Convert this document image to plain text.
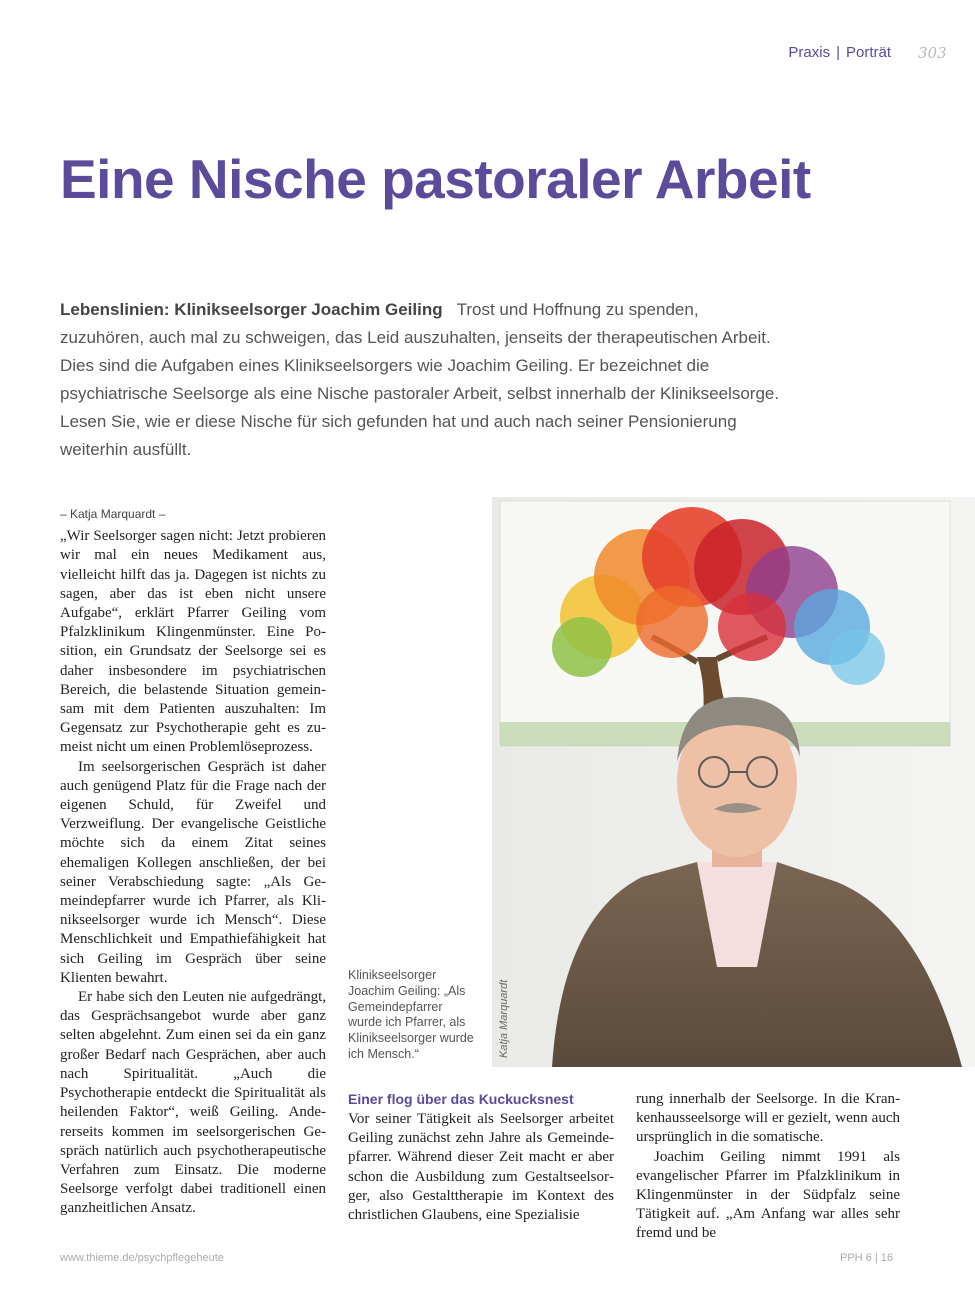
Praxis | Porträt 303
Eine Nische pastoraler Arbeit
Lebenslinien: Klinikseelsorger Joachim Geiling Trost und Hoffnung zu spenden, zuzuhören, auch mal zu schweigen, das Leid auszuhalten, jenseits der therapeutischen Arbeit. Dies sind die Aufgaben eines Klinikseelsorgers wie Joachim Geiling. Er bezeichnet die psychiatrische Seelsorge als eine Nische pastoraler Arbeit, selbst innerhalb der Klinikseelsorge. Lesen Sie, wie er diese Nische für sich gefunden hat und auch nach seiner Pensionierung weiterhin ausfüllt.
– Katja Marquardt –

„Wir Seelsorger sagen nicht: Jetzt probieren wir mal ein neues Medikament aus, vielleicht hilft das ja. Dagegen ist nichts zu sagen, aber das ist eben nicht unsere Aufgabe“, erklärt Pfarrer Geiling vom Pfalzklinikum Klingenmünster. Eine Position, ein Grundsatz der Seelsorge sei es daher insbesondere im psychiatrischen Bereich, die belastende Situation gemeinsam mit dem Patienten auszuhalten: Im Gegensatz zur Psychotherapie geht es zumeist nicht um einen Problemlöseprozess.

Im seelsorgerischen Gespräch ist daher auch genügend Platz für die Frage nach der eigenen Schuld, für Zweifel und Verzweiflung. Der evangelische Geistliche möchte sich da einem Zitat seines ehemaligen Kollegen anschließen, der bei seiner Verabschiedung sagte: „Als Gemeindepfarrer wurde ich Pfarrer, als Klinikseelsorger wurde ich Mensch“. Diese Menschlichkeit und Empathiefähigkeit hat sich Geiling im Gespräch über seine Klienten bewahrt.

Er habe sich den Leuten nie aufgedrängt, das Gesprächsangebot wurde aber ganz selten abgelehnt. Zum einen sei da ein ganz großer Bedarf nach Gesprächen, aber auch nach Spiritualität. „Auch die Psychotherapie entdeckt die Spiritualität als heilenden Faktor“, weiß Geiling. Andererseits kommen im seelsorgerischen Gespräch natürlich auch psychotherapeutische Verfahren zum Einsatz. Die moderne Seelsorge verfolgt dabei traditionell einen ganzheitlichen Ansatz.

Katja Marquardt
Klinikseelsorger Joachim Geiling: „Als Gemeindepfarrer wurde ich Pfarrer, als Klinikseelsorger wurde ich Mensch.“
Einer flog über das Kuckucksnest

Vor seiner Tätigkeit als Seelsorger arbeitet Geiling zunächst zehn Jahre als Gemeindepfarrer. Während dieser Zeit macht er aber schon die Ausbildung zum Gestaltseelsorger, also Gestalttherapie im Kontext des christlichen Glaubens, eine Spezialisie

rung innerhalb der Seelsorge. In die Krankenhausseelsorge will er gezielt, wenn auch ursprünglich in die somatische.

Joachim Geiling nimmt 1991 als evangelischer Pfarrer im Pfalzklinikum in Klingenmünster in der Südpfalz seine Tätigkeit auf. „Am Anfang war alles sehr fremd und be

www.thieme.de/psychpflegeheute	PPH 6 | 16
